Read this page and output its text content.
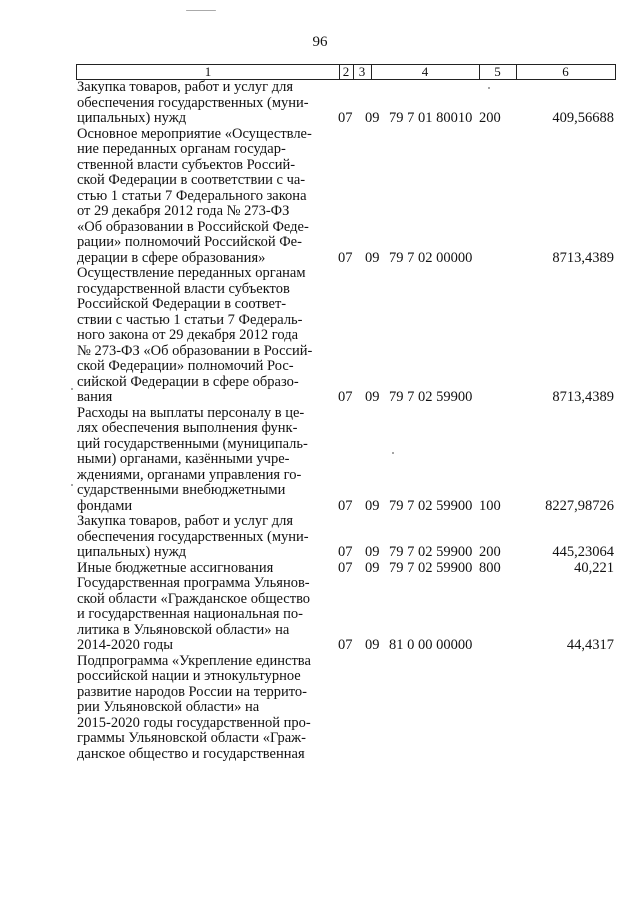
96
1	2 3	4	5	6
Закупка товаров, работ и услуг для
обеспечения государственных (муни-
ципальных) нужд	07 09 79 7 01 80010 200	409,56688
Основное мероприятие «Осуществле-
ние переданных органам государ-
ственной власти субъектов Россий-
ской Федерации в соответствии с ча-
стью 1 статьи 7 Федерального закона
от 29 декабря 2012 года № 273-ФЗ
«Об образовании в Российской Феде-
рации» полномочий Российской Фе-
дерации в сфере образования»	07 09 79 7 02 00000	8713,4389
Осуществление переданных органам
государственной власти субъектов
Российской Федерации в соответ-
ствии с частью 1 статьи 7 Федераль-
ного закона от 29 декабря 2012 года
№ 273-ФЗ «Об образовании в Россий-
ской Федерации» полномочий Рос-
сийской Федерации в сфере образо-
вания	07 09 79 7 02 59900	8713,4389
Расходы на выплаты персоналу в це-
лях обеспечения выполнения функ-
ций государственными (муниципаль-
ными) органами, казёнными учре-
ждениями, органами управления го-
сударственными внебюджетными
фондами	07 09 79 7 02 59900 100	8227,98726
Закупка товаров, работ и услуг для
обеспечения государственных (муни-
ципальных) нужд	07 09 79 7 02 59900 200	445,23064
Иные бюджетные ассигнования	07 09 79 7 02 59900 800	40,221
Государственная программа Ульянов-
ской области «Гражданское общество
и государственная национальная по-
литика в Ульяновской области» на
2014-2020 годы	07 09 81 0 00 00000	44,4317
Подпрограмма «Укрепление единства
российской нации и этнокультурное
развитие народов России на террито-
рии Ульяновской области» на
2015-2020 годы государственной про-
граммы Ульяновской области «Граж-
данское общество и государственная
